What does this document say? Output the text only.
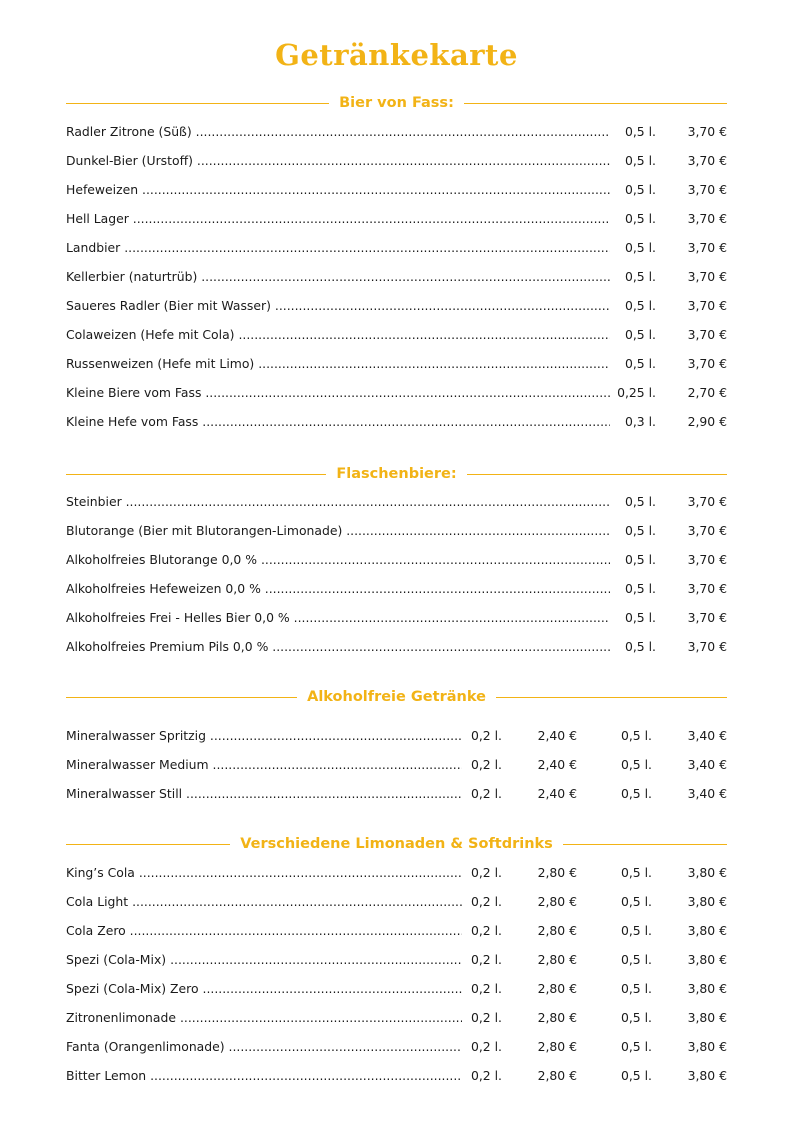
Getränkekarte
Bier von Fass:
Radler Zitrone (Süß) .....	0,5 l.	3,70 €
Dunkel-Bier (Urstoff) .....	0,5 l.	3,70 €
Hefeweizen .....	0,5 l.	3,70 €
Hell Lager .....	0,5 l.	3,70 €
Landbier .....	0,5 l.	3,70 €
Kellerbier (naturtrüb) .....	0,5 l.	3,70 €
Saueres Radler (Bier mit Wasser) .....	0,5 l.	3,70 €
Colaweizen (Hefe mit Cola) .....	0,5 l.	3,70 €
Russenweizen (Hefe mit Limo) .....	0,5 l.	3,70 €
Kleine Biere vom Fass .....	0,25 l.	2,70 €
Kleine Hefe vom Fass .....	0,3 l.	2,90 €
Flaschenbiere:
Steinbier .....	0,5 l.	3,70 €
Blutorange (Bier mit Blutorangen-Limonade) .....	0,5 l.	3,70 €
Alkoholfreies Blutorange 0,0 % .....	0,5 l.	3,70 €
Alkoholfreies Hefeweizen 0,0 % .....	0,5 l.	3,70 €
Alkoholfreies Frei - Helles Bier 0,0 % .....	0,5 l.	3,70 €
Alkoholfreies Premium Pils 0,0 % .....	0,5 l.	3,70 €
Alkoholfreie Getränke
Mineralwasser Spritzig .....	0,2 l.	2,40 €	0,5 l.	3,40 €
Mineralwasser Medium .....	0,2 l.	2,40 €	0,5 l.	3,40 €
Mineralwasser Still .....	0,2 l.	2,40 €	0,5 l.	3,40 €
Verschiedene Limonaden & Softdrinks
King’s Cola .....	0,2 l.	2,80 €	0,5 l.	3,80 €
Cola Light .....	0,2 l.	2,80 €	0,5 l.	3,80 €
Cola Zero .....	0,2 l.	2,80 €	0,5 l.	3,80 €
Spezi (Cola-Mix) .....	0,2 l.	2,80 €	0,5 l.	3,80 €
Spezi (Cola-Mix) Zero .....	0,2 l.	2,80 €	0,5 l.	3,80 €
Zitronenlimonade .....	0,2 l.	2,80 €	0,5 l.	3,80 €
Fanta (Orangenlimonade) .....	0,2 l.	2,80 €	0,5 l.	3,80 €
Bitter Lemon .....	0,2 l.	2,80 €	0,5 l.	3,80 €
